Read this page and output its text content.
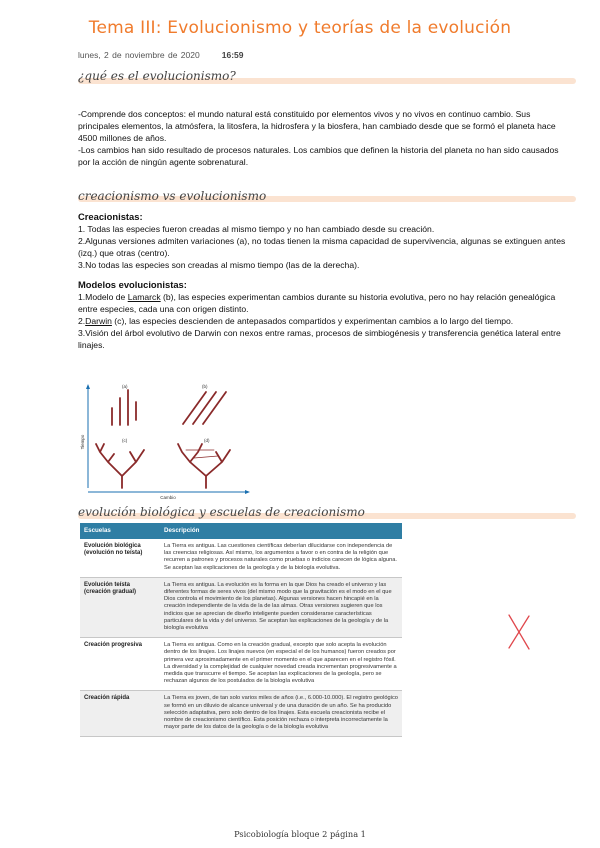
Tema III: Evolucionismo y teorías de la evolución
lunes, 2 de noviembre de 2020	16:59
¿qué es el evolucionismo?

-Comprende dos conceptos: el mundo natural está constituido por elementos vivos y no vivos en continuo cambio. Sus principales elementos, la atmósfera, la litosfera, la hidrosfera y la biosfera, han cambiado desde que se formó el planeta hace 4500 millones de años.

-Los cambios han sido resultado de procesos naturales. Los cambios que definen la historia del planeta no han sido causados por la acción de ningún agente sobrenatural.

creacionismo vs evolucionismo

Creacionistas:

1. Todas las especies fueron creadas al mismo tiempo y no han cambiado desde su creación.

2.Algunas versiones admiten variaciones (a), no todas tienen la misma capacidad de supervivencia, algunas se extinguen antes (izq.) que otras (centro).

3.No todas las especies son creadas al mismo tiempo (las de la derecha).

Modelos evolucionistas:

1.Modelo de Lamarck (b), las especies experimentan cambios durante su historia evolutiva, pero no hay relación genealógica entre especies, cada una con origen distinto.

2.Darwin (c), las especies descienden de antepasados compartidos y experimentan cambios a lo largo del tiempo.

3.Visión del árbol evolutivo de Darwin con nexos entre ramas, procesos de simbiogénesis y transferencia genética lateral entre linajes.

(a)	(b)
(c)	(d)
Tiempo
Cambio
evolución biológica y escuelas de creacionismo
Escuelas	Descripción
Evolución biológica (evolución no teísta)	La Tierra es antigua. Las cuestiones científicas deberían dilucidarse con independencia de las creencias religiosas. Así mismo, los argumentos a favor o en contra de la religión que recurren a patrones y procesos naturales como pruebas o indicios carecen de lógica alguna. Se aceptan las explicaciones de la geología y de la biología evolutiva.
Evolución teísta (creación gradual)	La Tierra es antigua. La evolución es la forma en la que Dios ha creado el universo y las diferentes formas de seres vivos (del mismo modo que la gravitación es el modo en el que Dios controla el movimiento de los planetas). Algunas versiones hacen hincapié en la creación independiente de la vida de la de las almas. Otras versiones sugieren que los indicios que se aprecian de diseño inteligente pueden considerarse características particulares de la vida y del universo. Se aceptan las explicaciones de la geología y de la biología evolutiva
Creación progresiva	La Tierra es antigua. Como en la creación gradual, excepto que solo acepta la evolución dentro de los linajes. Los linajes nuevos (en especial el de los humanos) fueron creados por primera vez aproximadamente en el primer momento en el que aparecen en el registro fósil. La diversidad y la complejidad de cualquier novedad creada incrementan progresivamente a medida que transcurre el tiempo. Se aceptan las explicaciones de la geología, pero se rechazan algunos de los postulados de la biología evolutiva
Creación rápida	La Tierra es joven, de tan solo varios miles de años (i.e., 6.000-10.000). El registro geológico se formó en un diluvio de alcance universal y de una duración de un año. Se ha producido selección adaptativa, pero solo dentro de los linajes. Esta escuela creacionista recibe el nombre de creacionismo científico. Esta posición rechaza o interpreta incorrectamente la mayor parte de los datos de la geología o de la biología evolutiva
Psicobiología bloque 2 página 1
